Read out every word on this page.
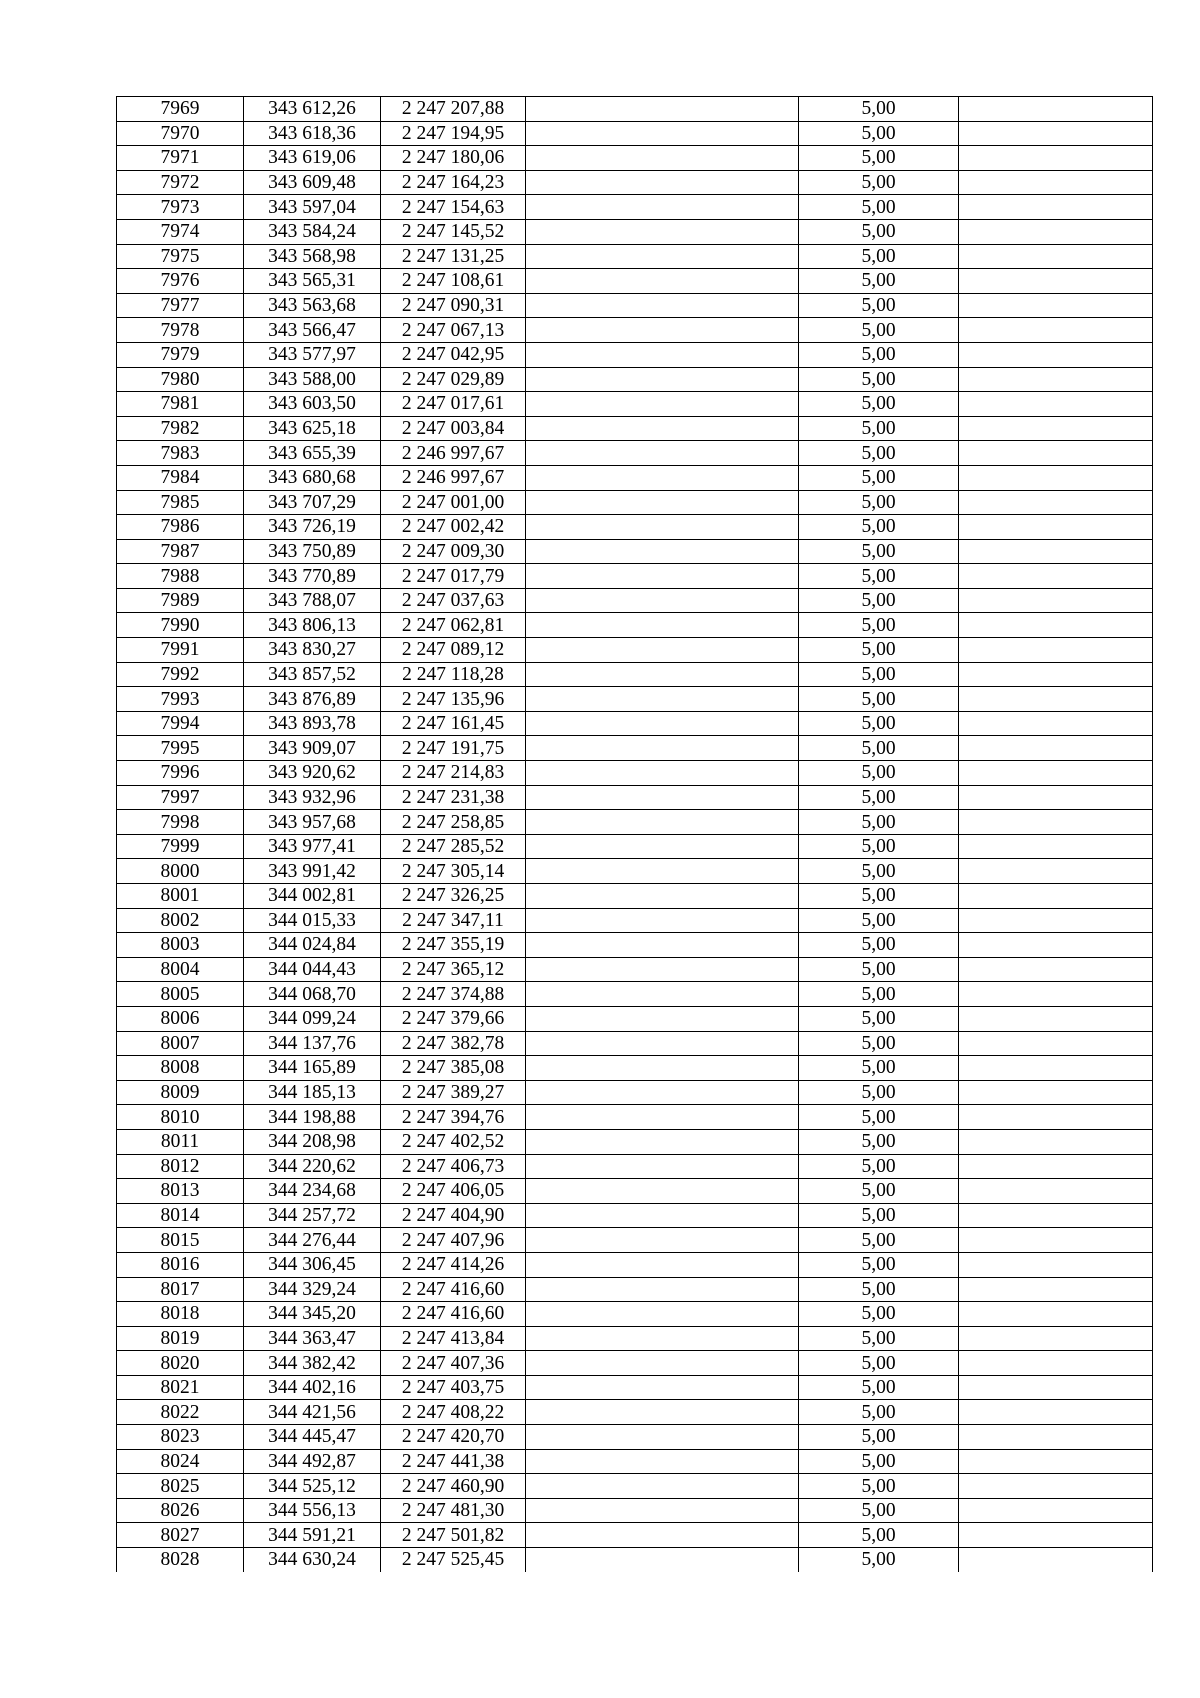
7969	343 612,26	2 247 207,88		5,00	
7970	343 618,36	2 247 194,95		5,00	
7971	343 619,06	2 247 180,06		5,00	
7972	343 609,48	2 247 164,23		5,00	
7973	343 597,04	2 247 154,63		5,00	
7974	343 584,24	2 247 145,52		5,00	
7975	343 568,98	2 247 131,25		5,00	
7976	343 565,31	2 247 108,61		5,00	
7977	343 563,68	2 247 090,31		5,00	
7978	343 566,47	2 247 067,13		5,00	
7979	343 577,97	2 247 042,95		5,00	
7980	343 588,00	2 247 029,89		5,00	
7981	343 603,50	2 247 017,61		5,00	
7982	343 625,18	2 247 003,84		5,00	
7983	343 655,39	2 246 997,67		5,00	
7984	343 680,68	2 246 997,67		5,00	
7985	343 707,29	2 247 001,00		5,00	
7986	343 726,19	2 247 002,42		5,00	
7987	343 750,89	2 247 009,30		5,00	
7988	343 770,89	2 247 017,79		5,00	
7989	343 788,07	2 247 037,63		5,00	
7990	343 806,13	2 247 062,81		5,00	
7991	343 830,27	2 247 089,12		5,00	
7992	343 857,52	2 247 118,28		5,00	
7993	343 876,89	2 247 135,96		5,00	
7994	343 893,78	2 247 161,45		5,00	
7995	343 909,07	2 247 191,75		5,00	
7996	343 920,62	2 247 214,83		5,00	
7997	343 932,96	2 247 231,38		5,00	
7998	343 957,68	2 247 258,85		5,00	
7999	343 977,41	2 247 285,52		5,00	
8000	343 991,42	2 247 305,14		5,00	
8001	344 002,81	2 247 326,25		5,00	
8002	344 015,33	2 247 347,11		5,00	
8003	344 024,84	2 247 355,19		5,00	
8004	344 044,43	2 247 365,12		5,00	
8005	344 068,70	2 247 374,88		5,00	
8006	344 099,24	2 247 379,66		5,00	
8007	344 137,76	2 247 382,78		5,00	
8008	344 165,89	2 247 385,08		5,00	
8009	344 185,13	2 247 389,27		5,00	
8010	344 198,88	2 247 394,76		5,00	
8011	344 208,98	2 247 402,52		5,00	
8012	344 220,62	2 247 406,73		5,00	
8013	344 234,68	2 247 406,05		5,00	
8014	344 257,72	2 247 404,90		5,00	
8015	344 276,44	2 247 407,96		5,00	
8016	344 306,45	2 247 414,26		5,00	
8017	344 329,24	2 247 416,60		5,00	
8018	344 345,20	2 247 416,60		5,00	
8019	344 363,47	2 247 413,84		5,00	
8020	344 382,42	2 247 407,36		5,00	
8021	344 402,16	2 247 403,75		5,00	
8022	344 421,56	2 247 408,22		5,00	
8023	344 445,47	2 247 420,70		5,00	
8024	344 492,87	2 247 441,38		5,00	
8025	344 525,12	2 247 460,90		5,00	
8026	344 556,13	2 247 481,30		5,00	
8027	344 591,21	2 247 501,82		5,00	
8028	344 630,24	2 247 525,45		5,00	
